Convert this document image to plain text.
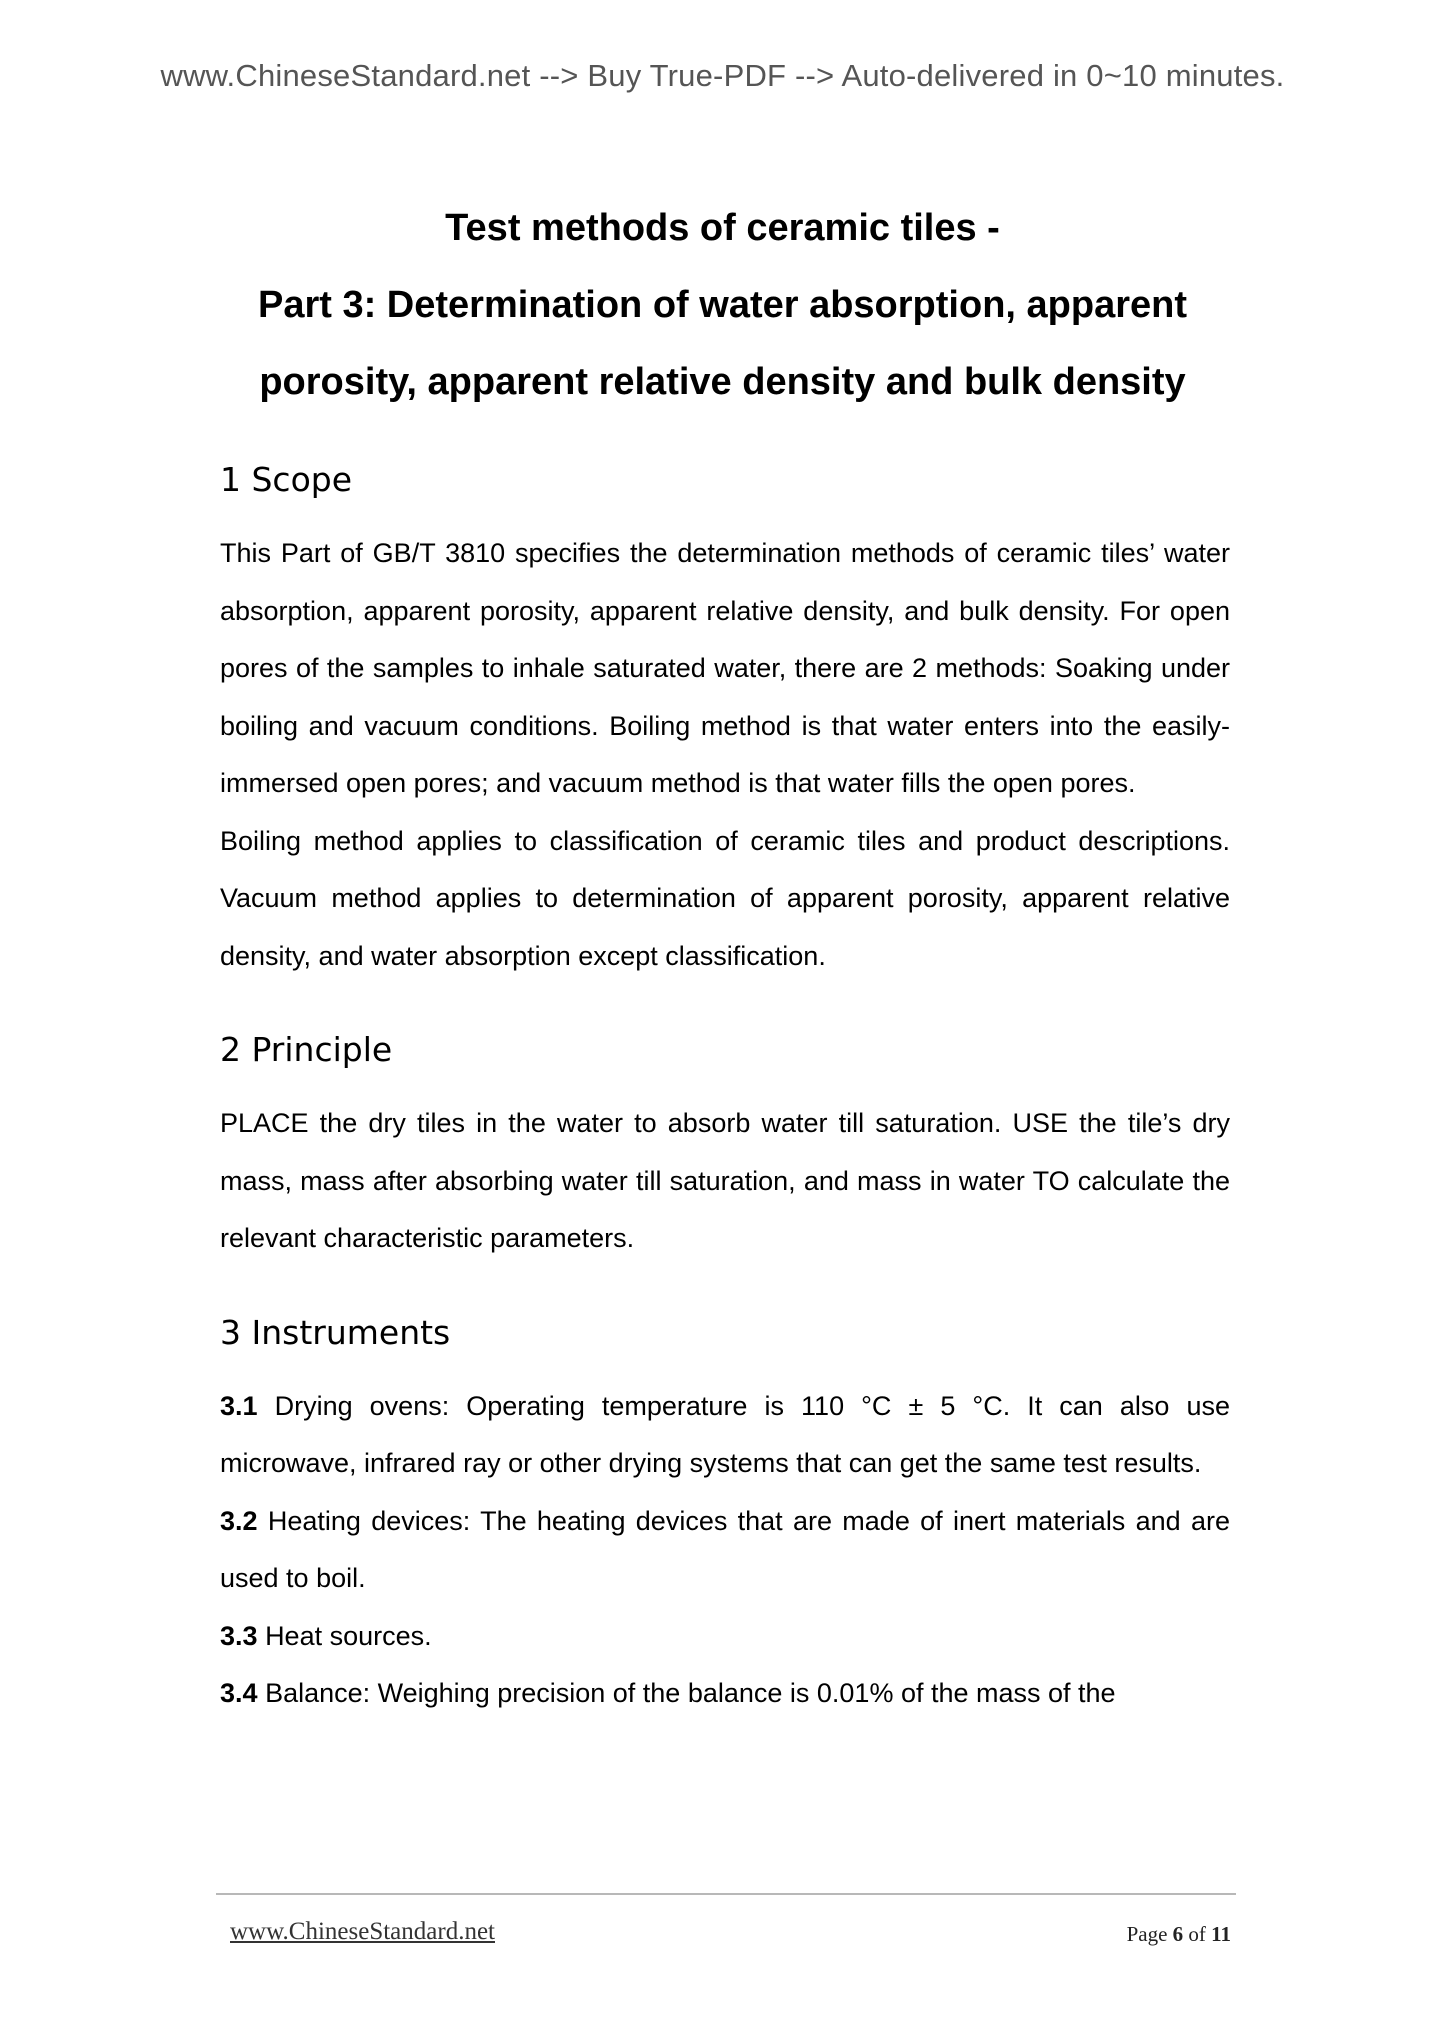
www.ChineseStandard.net --> Buy True-PDF --> Auto-delivered in 0~10 minutes.
Test methods of ceramic tiles -
Part 3: Determination of water absorption, apparent
porosity, apparent relative density and bulk density
1 Scope

This Part of GB/T 3810 specifies the determination methods of ceramic tiles’ water absorption, apparent porosity, apparent relative density, and bulk density. For open pores of the samples to inhale saturated water, there are 2 methods: Soaking under boiling and vacuum conditions. Boiling method is that water enters into the easily-immersed open pores; and vacuum method is that water fills the open pores.

Boiling method applies to classification of ceramic tiles and product descriptions. Vacuum method applies to determination of apparent porosity, apparent relative density, and water absorption except classification.

2 Principle

PLACE the dry tiles in the water to absorb water till saturation. USE the tile’s dry mass, mass after absorbing water till saturation, and mass in water TO calculate the relevant characteristic parameters.

3 Instruments

3.1 Drying ovens: Operating temperature is 110 °C ± 5 °C. It can also use microwave, infrared ray or other drying systems that can get the same test results.

3.2 Heating devices: The heating devices that are made of inert materials and are used to boil.

3.3 Heat sources.

3.4 Balance: Weighing precision of the balance is 0.01% of the mass of the

www.ChineseStandard.net	Page 6 of 11
